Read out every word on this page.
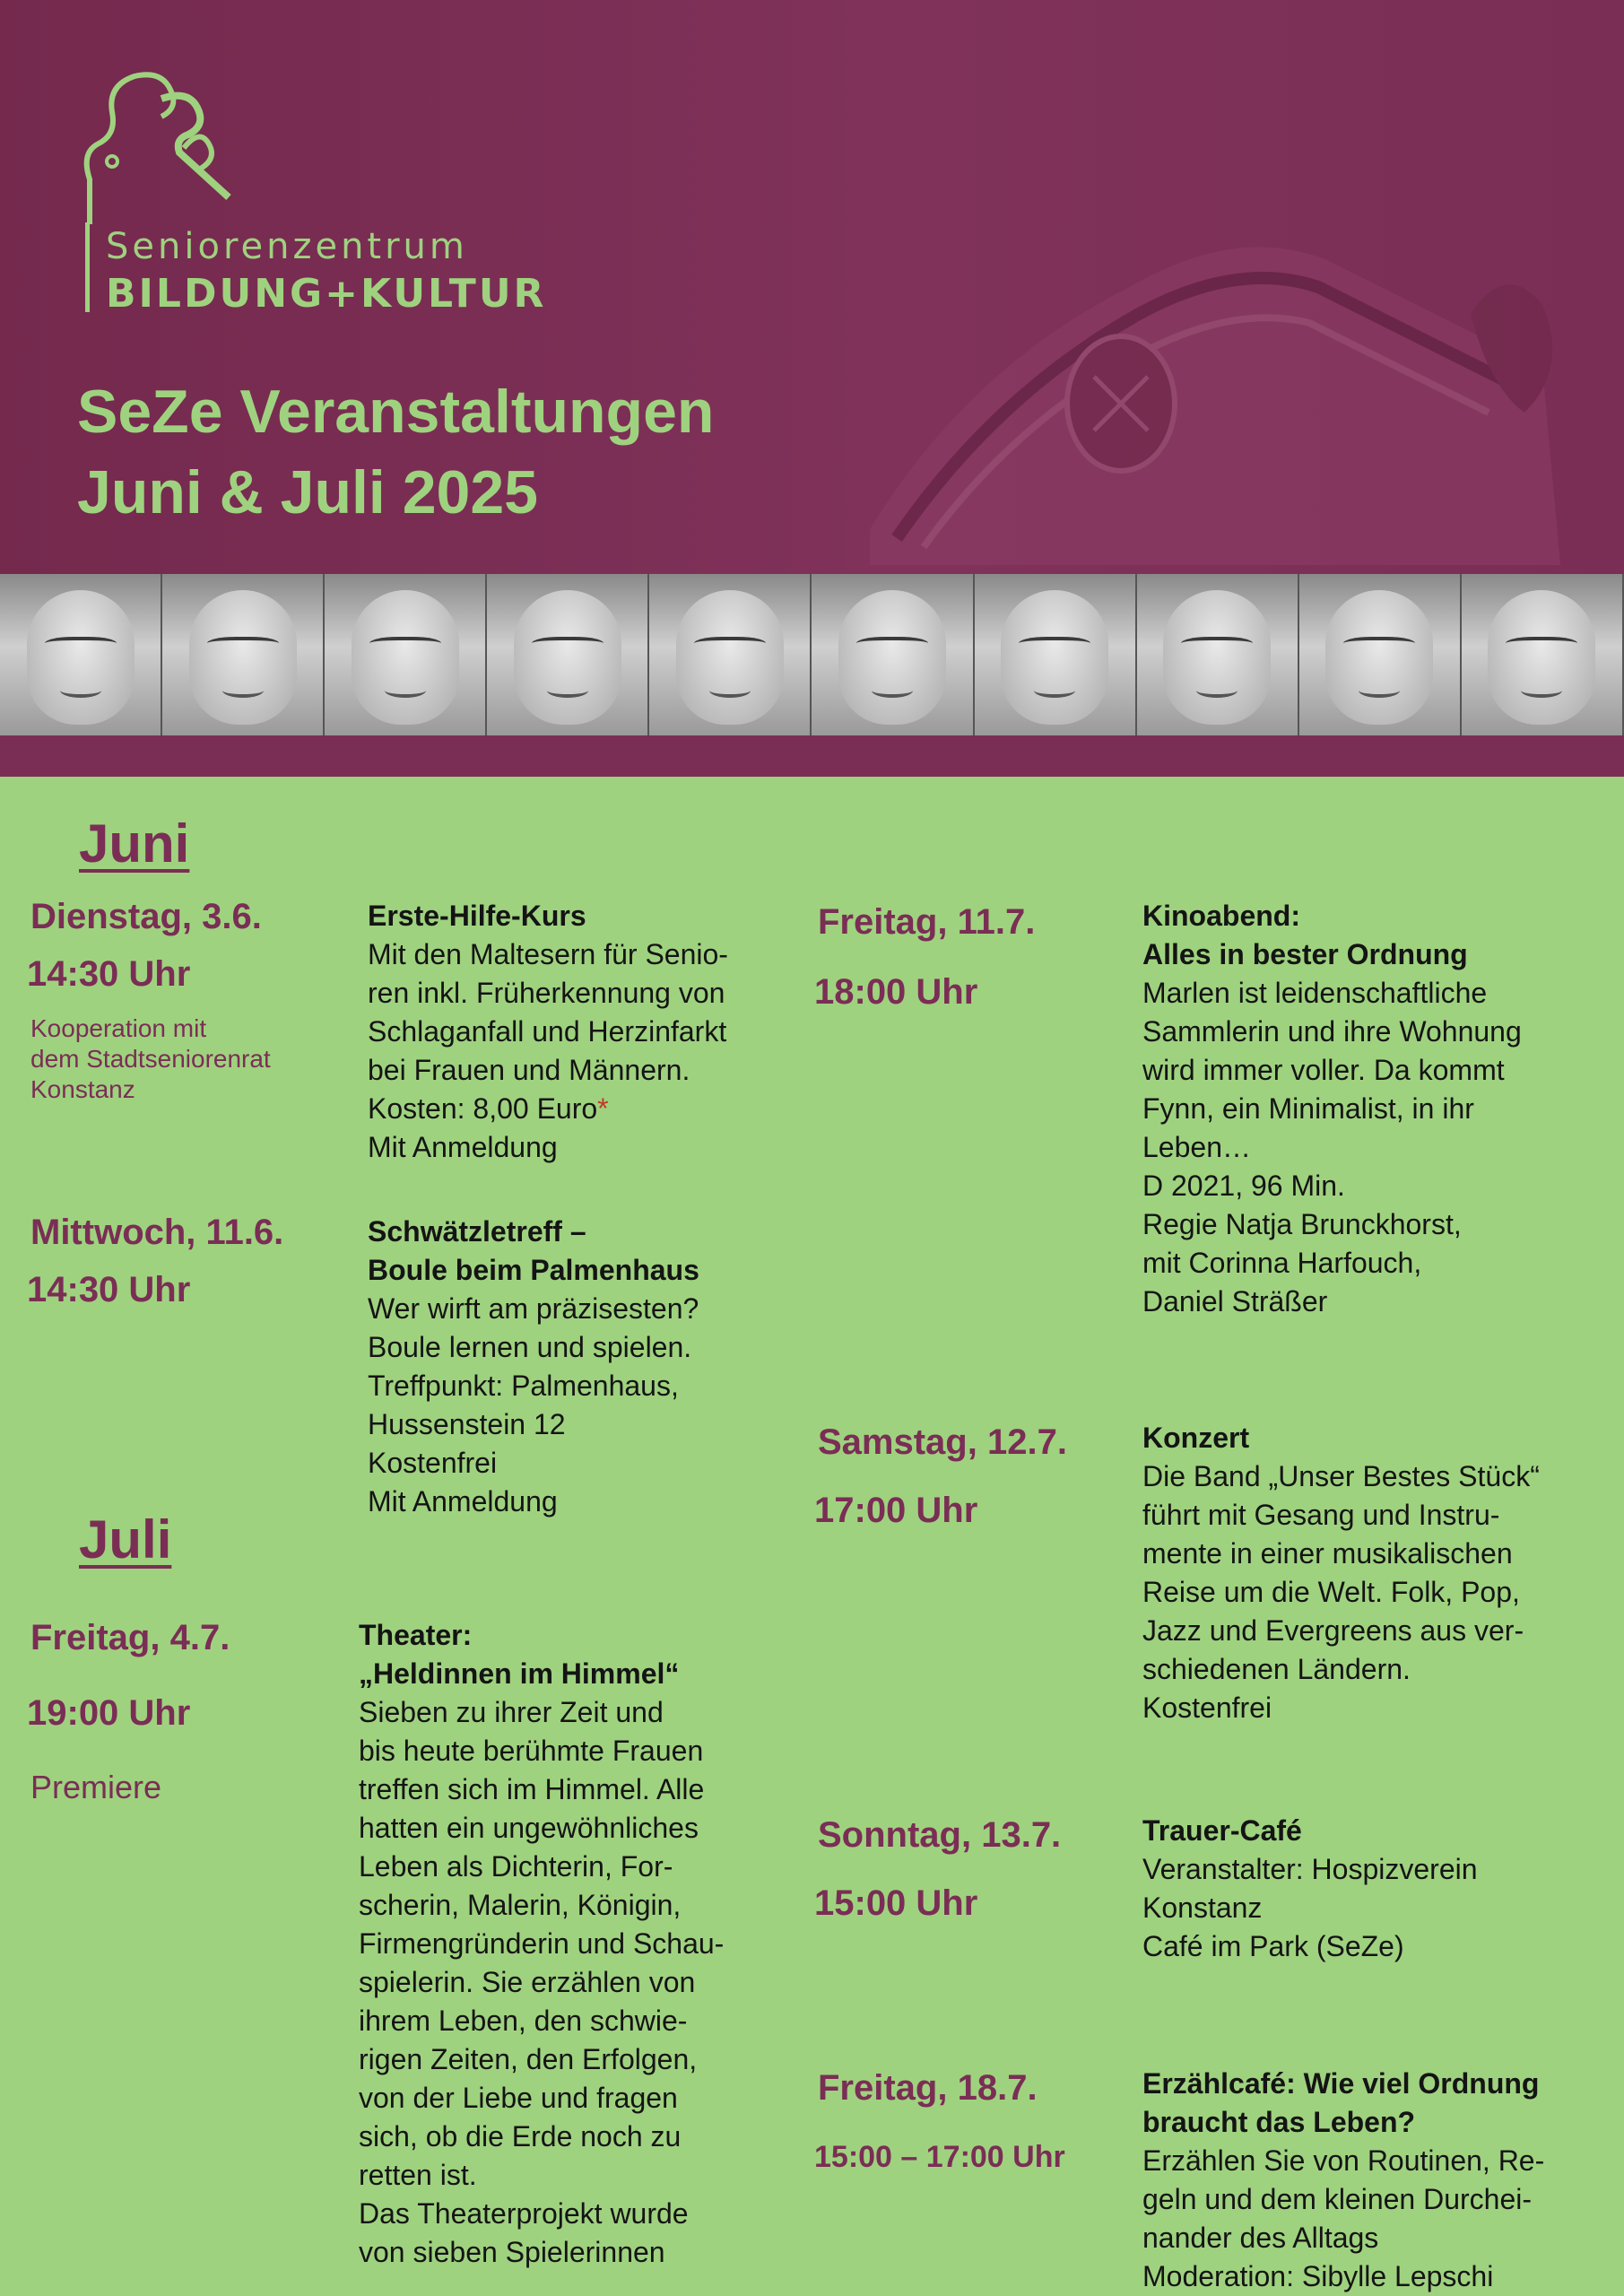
Seniorenzentrum
BILDUNG+KULTUR
SeZe Veranstaltungen
Juni & Juli 2025
Juni
Dienstag, 3.6.
14:30 Uhr
Kooperation mit
dem Stadtseniorenrat
Konstanz
Erste-Hilfe-Kurs
Mit den Maltesern für Senio-
ren inkl. Früherkennung von
Schlaganfall und Herzinfarkt
bei Frauen und Männern.
Kosten: 8,00 Euro*
Mit Anmeldung
Mittwoch, 11.6.
14:30 Uhr
Schwätzletreff –
Boule beim Palmenhaus
Wer wirft am präzisesten?
Boule lernen und spielen.
Treffpunkt: Palmenhaus,
Hussenstein 12
Kostenfrei
Mit Anmeldung
Juli
Freitag, 4.7.
19:00 Uhr
Premiere
Theater:
„Heldinnen im Himmel“
Sieben zu ihrer Zeit und
bis heute berühmte Frauen
treffen sich im Himmel. Alle
hatten ein ungewöhnliches
Leben als Dichterin, For-
scherin, Malerin, Königin,
Firmengründerin und Schau-
spielerin. Sie erzählen von
ihrem Leben, den schwie-
rigen Zeiten, den Erfolgen,
von der Liebe und fragen
sich, ob die Erde noch zu
retten ist.
Das Theaterprojekt wurde
von sieben Spielerinnen
Freitag, 11.7.
18:00 Uhr
Kinoabend:
Alles in bester Ordnung
Marlen ist leidenschaftliche
Sammlerin und ihre Wohnung
wird immer voller. Da kommt
Fynn, ein Minimalist, in ihr
Leben…
D 2021, 96 Min.
Regie Natja Brunckhorst,
mit Corinna Harfouch,
Daniel Sträßer
Samstag, 12.7.
17:00 Uhr
Konzert
Die Band „Unser Bestes Stück“
führt mit Gesang und Instru-
mente in einer musikalischen
Reise um die Welt. Folk, Pop,
Jazz und Evergreens aus ver-
schiedenen Ländern.
Kostenfrei
Sonntag, 13.7.
15:00 Uhr
Trauer-Café
Veranstalter: Hospizverein
Konstanz
Café im Park (SeZe)
Freitag, 18.7.
15:00 – 17:00 Uhr
Erzählcafé: Wie viel Ordnung
braucht das Leben?
Erzählen Sie von Routinen, Re-
geln und dem kleinen Durchei-
nander des Alltags
Moderation: Sibylle Lepschi
